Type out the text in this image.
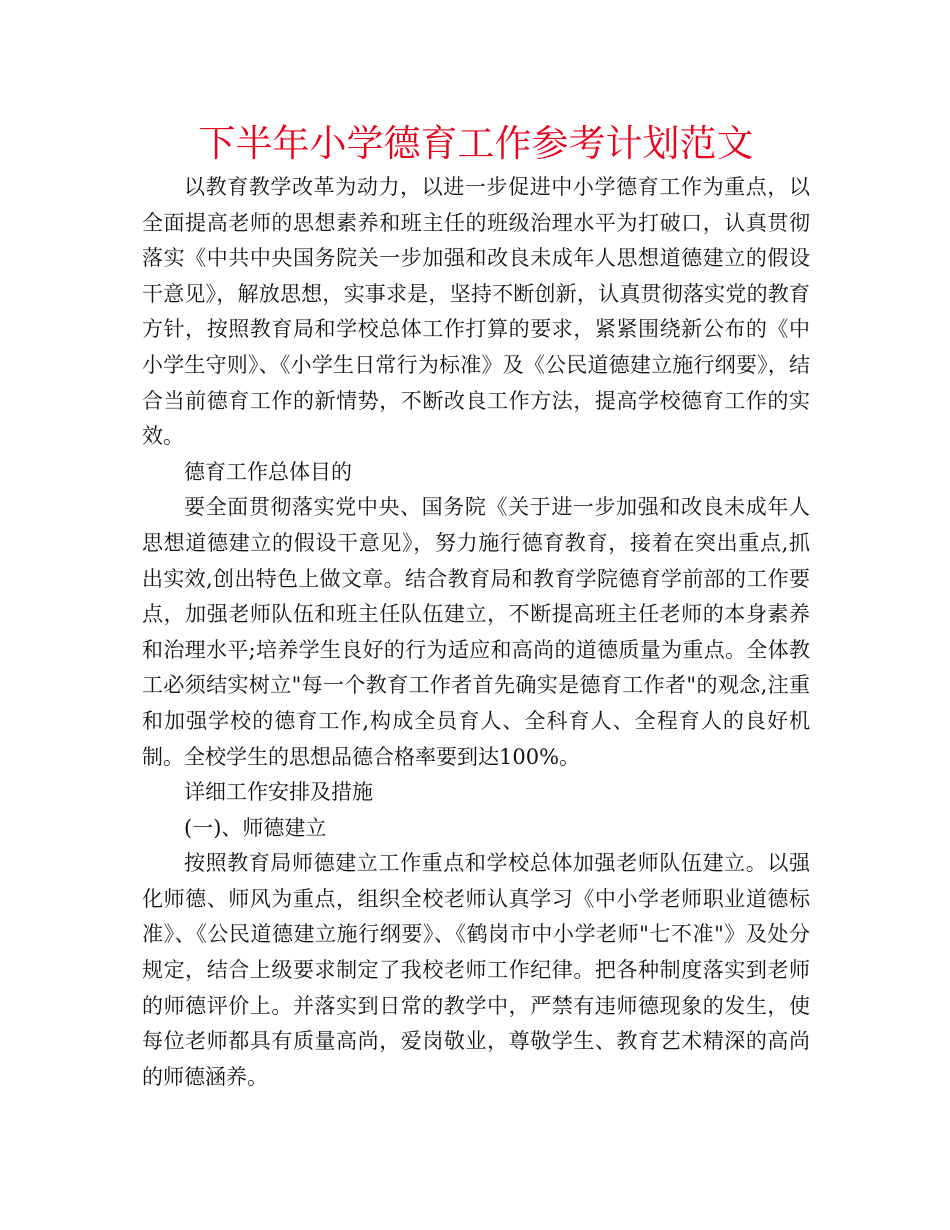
下半年小学德育工作参考计划范文

以教育教学改革为动力，以进一步促进中小学德育工作为重点，以全面提高老师的思想素养和班主任的班级治理水平为打破口，认真贯彻落实《中共中央国务院关一步加强和改良未成年人思想道德建立的假设干意见》，解放思想，实事求是，坚持不断创新，认真贯彻落实党的教育方针，按照教育局和学校总体工作打算的要求，紧紧围绕新公布的《中小学生守则》、《小学生日常行为标准》及《公民道德建立施行纲要》，结合当前德育工作的新情势，不断改良工作方法，提高学校德育工作的实效。

德育工作总体目的

要全面贯彻落实党中央、国务院《关于进一步加强和改良未成年人思想道德建立的假设干意见》，努力施行德育教育，接着在突出重点,抓出实效,创出特色上做文章。结合教育局和教育学院德育学前部的工作要点，加强老师队伍和班主任队伍建立，不断提高班主任老师的本身素养和治理水平;培养学生良好的行为适应和高尚的道德质量为重点。全体教工必须结实树立"每一个教育工作者首先确实是德育工作者"的观念,注重和加强学校的德育工作,构成全员育人、全科育人、全程育人的良好机制。全校学生的思想品德合格率要到达100%。

详细工作安排及措施

(一)、师德建立

按照教育局师德建立工作重点和学校总体加强老师队伍建立。以强化师德、师风为重点，组织全校老师认真学习《中小学老师职业道德标准》、《公民道德建立施行纲要》、《鹤岗市中小学老师"七不准"》及处分规定，结合上级要求制定了我校老师工作纪律。把各种制度落实到老师的师德评价上。并落实到日常的教学中，严禁有违师德现象的发生，使每位老师都具有质量高尚，爱岗敬业，尊敬学生、教育艺术精深的高尚的师德涵养。
